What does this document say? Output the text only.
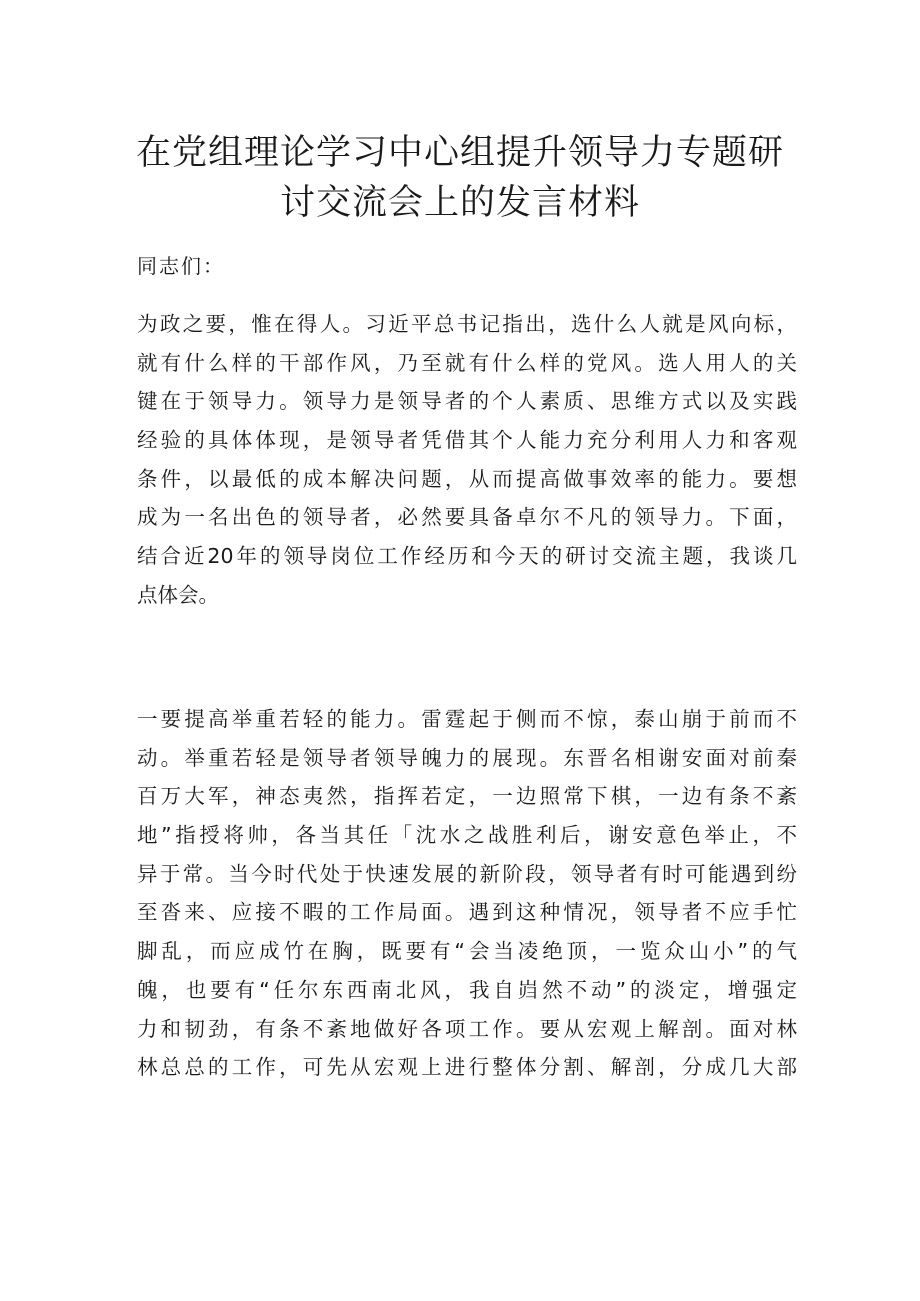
在党组理论学习中心组提升领导力专题研
讨交流会上的发言材料

同志们：

为政之要，惟在得人。习近平总书记指出，选什么人就是风向标，
就有什么样的干部作风，乃至就有什么样的党风。选人用人的关
键在于领导力。领导力是领导者的个人素质、思维方式以及实践
经验的具体体现，是领导者凭借其个人能力充分利用人力和客观
条件，以最低的成本解决问题，从而提高做事效率的能力。要想
成为一名出色的领导者，必然要具备卓尔不凡的领导力。下面，
结合近20年的领导岗位工作经历和今天的研讨交流主题，我谈几
点体会。
一要提高举重若轻的能力。雷霆起于侧而不惊，泰山崩于前而不
动。举重若轻是领导者领导魄力的展现。东晋名相谢安面对前秦
百万大军，神态夷然，指挥若定，一边照常下棋，一边有条不紊
地”指授将帅，各当其任「沈水之战胜利后，谢安意色举止，不
异于常。当今时代处于快速发展的新阶段，领导者有时可能遇到纷
至沓来、应接不暇的工作局面。遇到这种情况，领导者不应手忙
脚乱，而应成竹在胸，既要有“会当凌绝顶，一览众山小”的气
魄，也要有“任尔东西南北风，我自岿然不动”的淡定，增强定
力和韧劲，有条不紊地做好各项工作。要从宏观上解剖。面对林
林总总的工作，可先从宏观上进行整体分割、解剖，分成几大部
